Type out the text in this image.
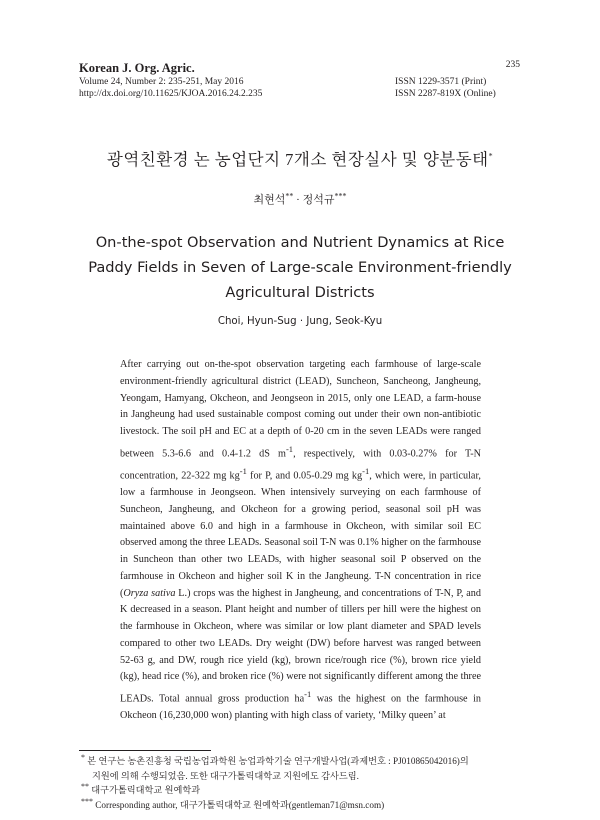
Korean J. Org. Agric.

Volume 24, Number 2: 235-251, May 2016	ISSN 1229-3571 (Print)
http://dx.doi.org/10.11625/KJOA.2016.24.2.235	ISSN 2287-819X (Online)
235
광역친환경 논 농업단지 7개소 현장실사 및 양분동태*
최현석** · 정석규***
On-the-spot Observation and Nutrient Dynamics at Rice
Paddy Fields in Seven of Large-scale Environment-friendly
Agricultural Districts
Choi, Hyun-Sug · Jung, Seok-Kyu

After carrying out on-the-spot observation targeting each farmhouse of large-scale environment-friendly agricultural district (LEAD), Suncheon, Sancheong, Jangheung, Yeongam, Hamyang, Okcheon, and Jeongseon in 2015, only one LEAD, a farm-house in Jangheung had used sustainable compost coming out under their own non-antibiotic livestock. The soil pH and EC at a depth of 0-20 cm in the seven LEADs were ranged between 5.3-6.6 and 0.4-1.2 dS $m^{-1}$, respectively, with 0.03-0.27% for T-N concentration, 22-322 mg $kg^{-1}$ for P, and 0.05-0.29 mg $kg^{-1}$, which were, in particular, low a farmhouse in Jeongseon. When intensively surveying on each farmhouse of Suncheon, Jangheung, and Okcheon for a growing period, seasonal soil pH was maintained above 6.0 and high in a farmhouse in Okcheon, with similar soil EC observed among the three LEADs. Seasonal soil T-N was 0.1% higher on the farmhouse in Suncheon than other two LEADs, with higher seasonal soil P observed on the farmhouse in Okcheon and higher soil K in the Jangheung. T-N concentration in rice (Oryza sativa L.) crops was the highest in Jangheung, and concentrations of T-N, P, and K decreased in a season. Plant height and number of tillers per hill were the highest on the farmhouse in Okcheon, where was similar or low plant diameter and SPAD levels compared to other two LEADs. Dry weight (DW) before harvest was ranged between 52-63 g, and DW, rough rice yield (kg), brown rice/rough rice (%), brown rice yield (kg), head rice (%), and broken rice (%) were not significantly different among the three LEADs. Total annual gross production $ha^{-1}$ was the highest on the farmhouse in Okcheon (16,230,000 won) planting with high class of variety, ‘Milky queen’ at

* 본 연구는 농촌진흥청 국립농업과학원 농업과학기술 연구개발사업(과제번호 : PJ010865042016)의

지원에 의해 수행되었음. 또한 대구가톨릭대학교 지원에도 감사드림.

** 대구가톨릭대학교 원예학과

*** Corresponding author, 대구가톨릭대학교 원예학과(gentleman71@msn.com)
